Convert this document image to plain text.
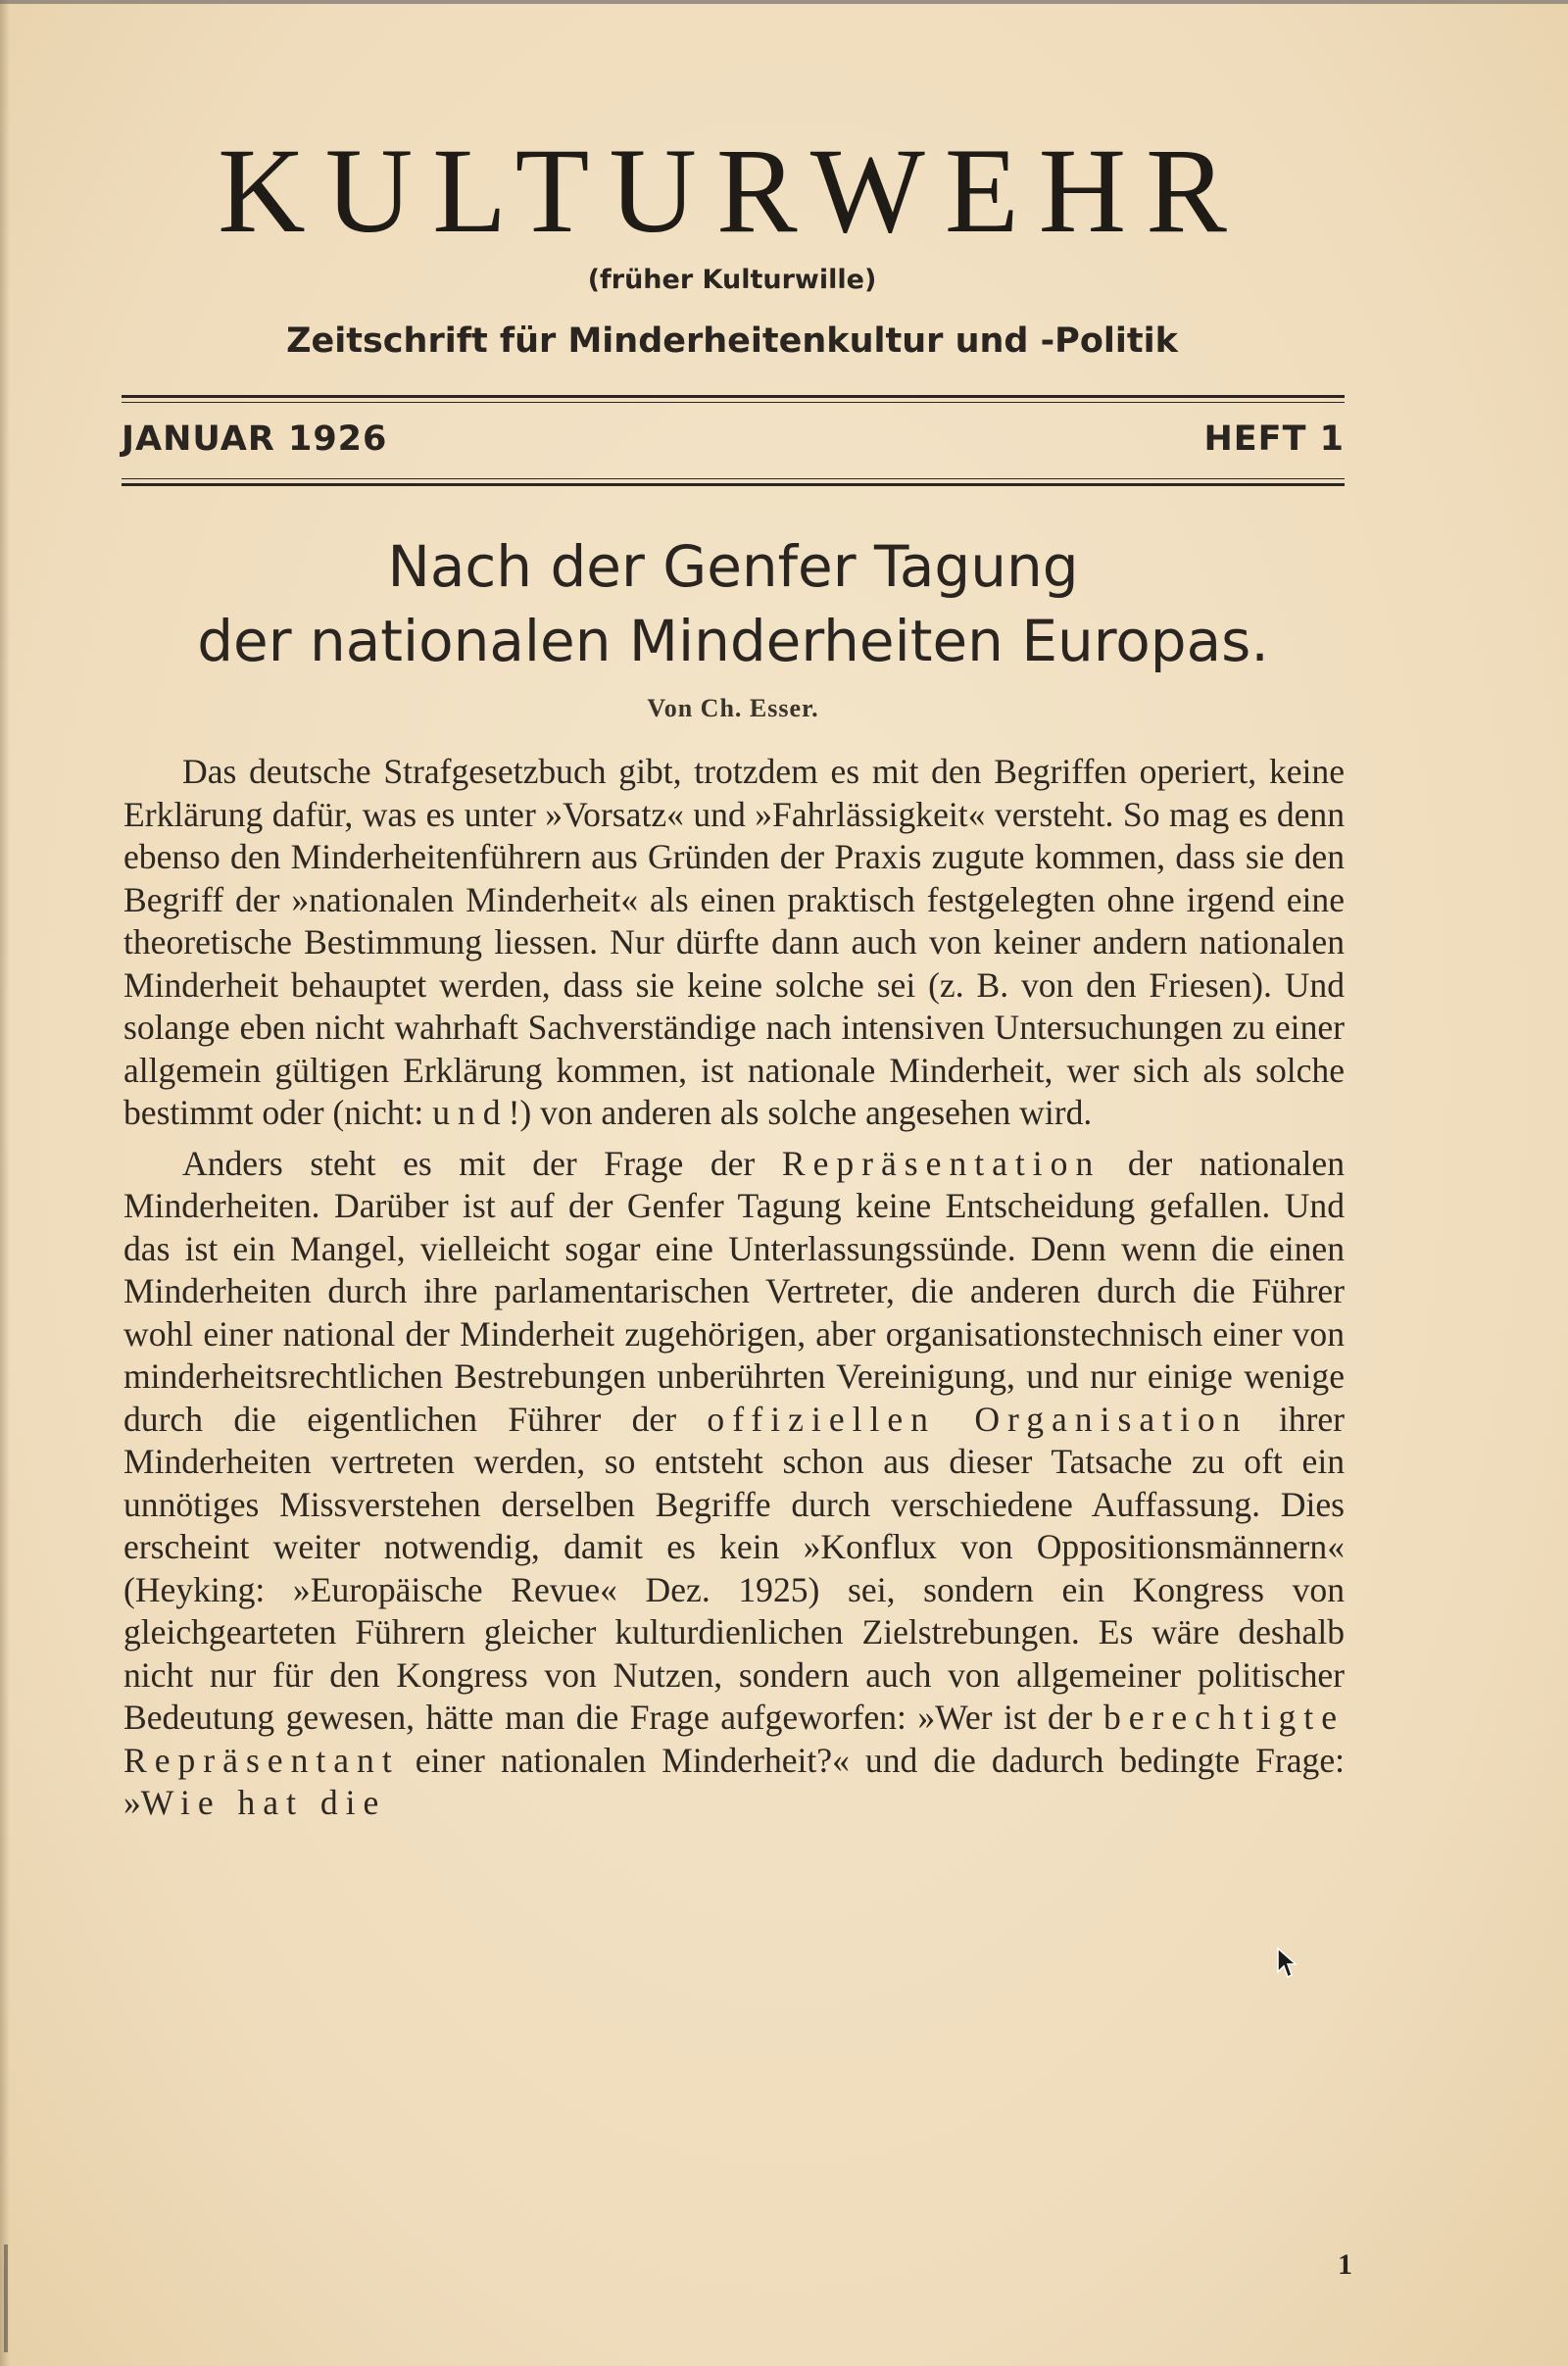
KULTURWEHR
(früher Kulturwille)
Zeitschrift für Minderheitenkultur und -Politik
JANUAR 1926	HEFT 1
Nach der Genfer Tagung
der nationalen Minderheiten Europas.
Von Ch. Esser.

Das deutsche Strafgesetzbuch gibt, trotzdem es mit den Begriffen operiert, keine Erklärung dafür, was es unter »Vorsatz« und »Fahrlässigkeit« versteht. So mag es denn ebenso den Minderheitenführern aus Gründen der Praxis zugute kommen, dass sie den Begriff der »nationalen Minderheit« als einen praktisch festgelegten ohne irgend eine theoretische Bestimmung liessen. Nur dürfte dann auch von keiner andern nationalen Minderheit behauptet werden, dass sie keine solche sei (z. B. von den Friesen). Und solange eben nicht wahrhaft Sachverständige nach intensiven Untersuchungen zu einer allgemein gültigen Erklärung kommen, ist nationale Minderheit, wer sich als solche bestimmt oder (nicht: und!) von anderen als solche angesehen wird.

Anders steht es mit der Frage der Repräsentation der nationalen Minderheiten. Darüber ist auf der Genfer Tagung keine Entscheidung gefallen. Und das ist ein Mangel, vielleicht sogar eine Unterlassungssünde. Denn wenn die einen Minderheiten durch ihre parlamentarischen Vertreter, die anderen durch die Führer wohl einer national der Minderheit zugehörigen, aber organisationstechnisch einer von minderheitsrechtlichen Bestrebungen unberührten Vereinigung, und nur einige wenige durch die eigentlichen Führer der offiziellen Organisation ihrer Minderheiten vertreten werden, so entsteht schon aus dieser Tatsache zu oft ein unnötiges Missverstehen derselben Begriffe durch verschiedene Auffassung. Dies erscheint weiter notwendig, damit es kein »Konflux von Oppositionsmännern« (Heyking: »Europäische Revue« Dez. 1925) sei, sondern ein Kongress von gleichgearteten Führern gleicher kulturdienlichen Zielstrebungen. Es wäre deshalb nicht nur für den Kongress von Nutzen, sondern auch von allgemeiner politischer Bedeutung gewesen, hätte man die Frage aufgeworfen: »Wer ist der berechtigte Repräsentant einer nationalen Minderheit?« und die dadurch bedingte Frage: »Wie hat die

1
